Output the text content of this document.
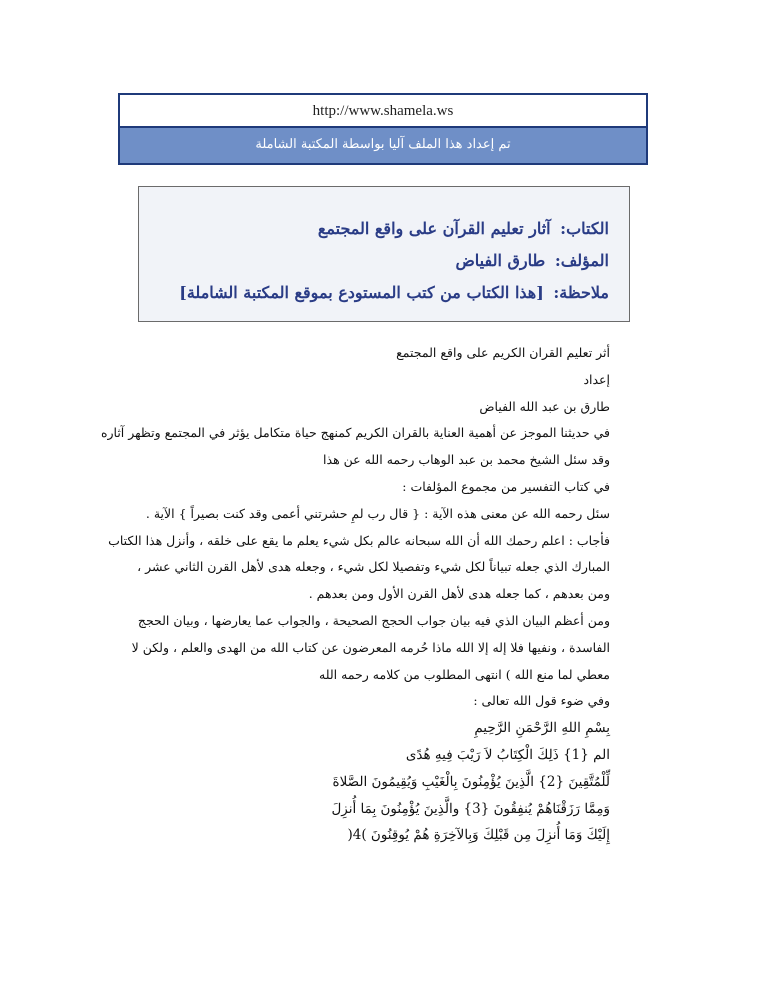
http://www.shamela.ws
تم إعداد هذا الملف آليا بواسطة المكتبة الشاملة
الكتاب: آثار تعليم القرآن على واقع المجتمع
المؤلف: طارق الفياض
ملاحظة: [هذا الكتاب من كتب المستودع بموقع المكتبة الشاملة]
أثر تعليم القران الكريم على واقع المجتمع
إعداد
طارق بن عبد الله الفياض
في حديثنا الموجز عن أهمية العناية بالقران الكريم كمنهج حياة متكامل يؤثر في المجتمع وتظهر آثاره
وقد سئل الشيخ محمد بن عبد الوهاب رحمه الله عن هذا
في كتاب التفسير من مجموع المؤلفات :
سئل رحمه الله عن معنى هذه الآية : { قال رب لمِ حشرتني أعمى وقد كنت بصيراً } الآية .
فأجاب : اعلم رحمك الله أن الله سبحانه عالم بكل شيء يعلم ما يقع على خلقه ، وأنزل هذا الكتاب
المبارك الذي جعله تبياناً لكل شيء وتفصيلا لكل شيء ، وجعله هدى لأهل القرن الثاني عشر ،
ومن بعدهم ، كما جعله هدى لأهل القرن الأول ومن بعدهم .
ومن أعظم البيان الذي فيه بيان جواب الحجج الصحيحة ، والجواب عما يعارضها ، وبيان الحجج
الفاسدة ، ونفيها فلا إله إلا الله ماذا حُرمه المعرضون عن كتاب الله من الهدى والعلم ، ولكن لا
معطي لما منع الله ) انتهى المطلوب من كلامه رحمه الله
وفي ضوء قول الله تعالى :
بِسْمِ اللهِ الرَّحْمَنِ الرَّحِيمِ
الم {1} ذَلِكَ الْكِتَابُ لاَ رَيْبَ فِيهِ هُدًى
لِّلْمُتَّقِينَ {2} الَّذِينَ يُؤْمِنُونَ بِالْغَيْبِ وَيُقِيمُونَ الصَّلاةَ
وَمِمَّا رَزَقْنَاهُمْ يُنفِقُونَ {3} والَّذِينَ يُؤْمِنُونَ بِمَا أُنزِلَ
إِلَيْكَ وَمَا أُنزِلَ مِن قَبْلِكَ وَبِالآخِرَةِ هُمْ يُوقِنُونَ )4(
